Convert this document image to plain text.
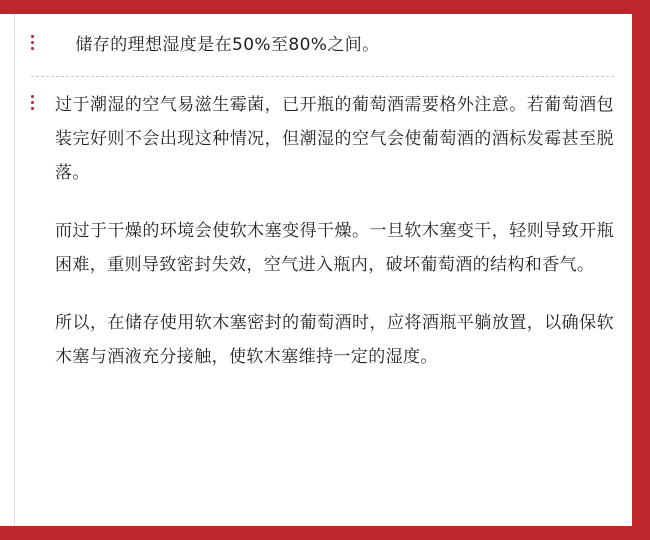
储存的理想湿度是在50%至80%之间。

过于潮湿的空气易滋生霉菌，已开瓶的葡萄酒需要格外注意。若葡萄酒包装完好则不会出现这种情况，但潮湿的空气会使葡萄酒的酒标发霉甚至脱落。

而过于干燥的环境会使软木塞变得干燥。一旦软木塞变干，轻则导致开瓶困难，重则导致密封失效，空气进入瓶内，破坏葡萄酒的结构和香气。

所以，在储存使用软木塞密封的葡萄酒时，应将酒瓶平躺放置，以确保软木塞与酒液充分接触，使软木塞维持一定的湿度。
